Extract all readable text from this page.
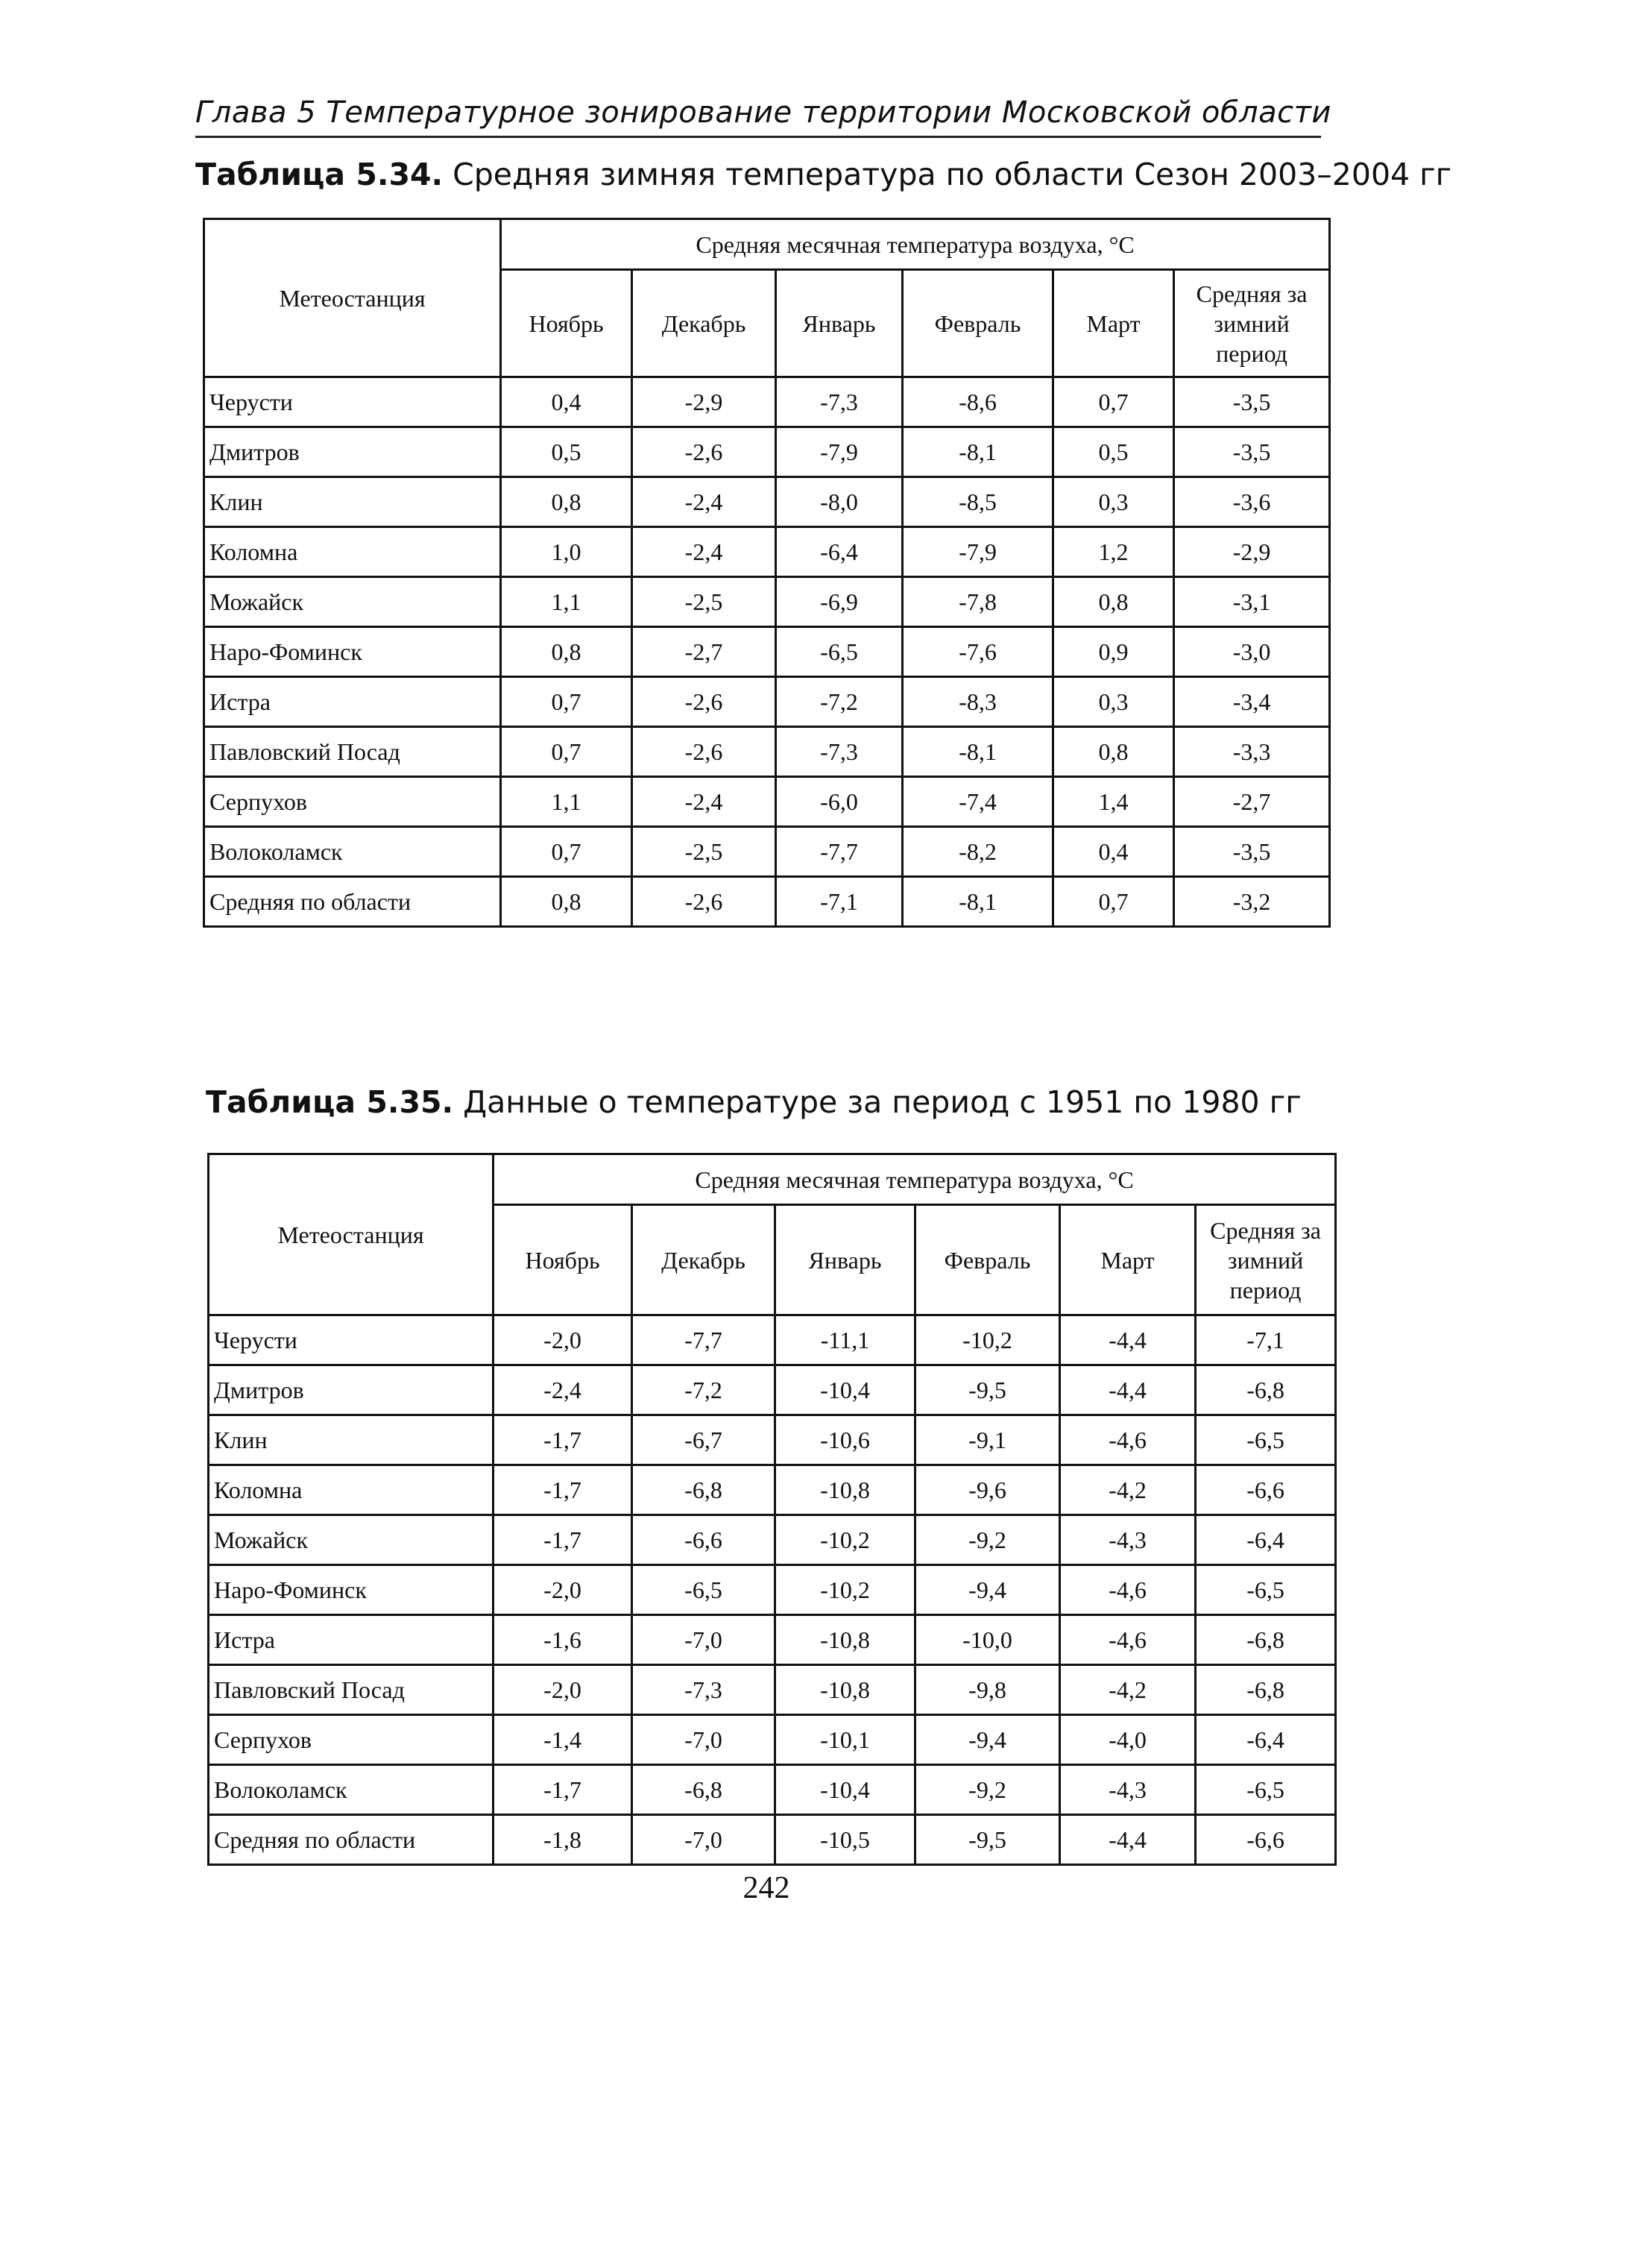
Глава 5 Температурное зонирование территории Московской области
Таблица 5.34. Средняя зимняя температура по области Сезон 2003–2004 гг
Метеостанция	Средняя месячная температура воздуха, °C					
	Ноябрь	Декабрь	Январь	Февраль	Март	Средняя за зимний период
Черусти	0,4	-2,9	-7,3	-8,6	0,7	-3,5
Дмитров	0,5	-2,6	-7,9	-8,1	0,5	-3,5
Клин	0,8	-2,4	-8,0	-8,5	0,3	-3,6
Коломна	1,0	-2,4	-6,4	-7,9	1,2	-2,9
Можайск	1,1	-2,5	-6,9	-7,8	0,8	-3,1
Наро-Фоминск	0,8	-2,7	-6,5	-7,6	0,9	-3,0
Истра	0,7	-2,6	-7,2	-8,3	0,3	-3,4
Павловский Посад	0,7	-2,6	-7,3	-8,1	0,8	-3,3
Серпухов	1,1	-2,4	-6,0	-7,4	1,4	-2,7
Волоколамск	0,7	-2,5	-7,7	-8,2	0,4	-3,5
Средняя по области	0,8	-2,6	-7,1	-8,1	0,7	-3,2
Таблица 5.35. Данные о температуре за период с 1951 по 1980 гг
Метеостанция	Средняя месячная температура воздуха, °C					
	Ноябрь	Декабрь	Январь	Февраль	Март	Средняя за зимний период
Черусти	-2,0	-7,7	-11,1	-10,2	-4,4	-7,1
Дмитров	-2,4	-7,2	-10,4	-9,5	-4,4	-6,8
Клин	-1,7	-6,7	-10,6	-9,1	-4,6	-6,5
Коломна	-1,7	-6,8	-10,8	-9,6	-4,2	-6,6
Можайск	-1,7	-6,6	-10,2	-9,2	-4,3	-6,4
Наро-Фоминск	-2,0	-6,5	-10,2	-9,4	-4,6	-6,5
Истра	-1,6	-7,0	-10,8	-10,0	-4,6	-6,8
Павловский Посад	-2,0	-7,3	-10,8	-9,8	-4,2	-6,8
Серпухов	-1,4	-7,0	-10,1	-9,4	-4,0	-6,4
Волоколамск	-1,7	-6,8	-10,4	-9,2	-4,3	-6,5
Средняя по области	-1,8	-7,0	-10,5	-9,5	-4,4	-6,6
242
